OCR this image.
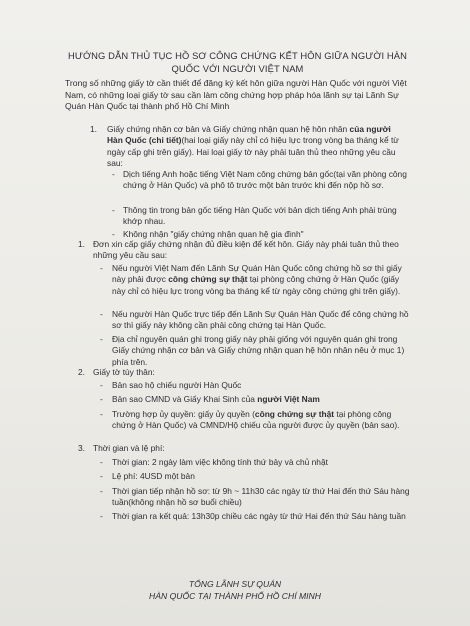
HƯỚNG DẪN THỦ TỤC HỒ SƠ CÔNG CHỨNG KẾT HÔN GIỮA NGƯỜI HÀN
QUỐC VỚI NGƯỜI VIỆT NAM
Trong số những giấy tờ cần thiết để đăng ký kết hôn giữa người Hàn Quốc với người Việt Nam, có những loại giấy tờ sau cần làm công chứng hợp pháp hóa lãnh sự tại Lãnh Sự Quán Hàn Quốc tại thành phố Hồ Chí Minh
1. Giấy chứng nhận cơ bản và Giấy chứng nhận quan hệ hôn nhân của người Hàn Quốc (chi tiết)(hai loại giấy này chỉ có hiệu lực trong vòng ba tháng kể từ ngày cấp ghi trên giấy). Hai loại giấy tờ này phải tuân thủ theo những yêu cầu sau:
- Dịch tiếng Anh hoặc tiếng Việt Nam công chứng bản gốc(tại văn phòng công chứng ở Hàn Quốc) và phô tô trước một bản trước khi đến nộp hồ sơ.
- Thông tin trong bản gốc tiếng Hàn Quốc với bản dịch tiếng Anh phải trùng khớp nhau.
- Không nhận "giấy chứng nhận quan hệ gia đình"
1. Đơn xin cấp giấy chứng nhận đủ điều kiện để kết hôn. Giấy này phải tuân thủ theo những yêu cầu sau:
- Nếu người Việt Nam đến Lãnh Sự Quán Hàn Quốc công chứng hồ sơ thì giấy này phải được công chứng sự thật tại phòng công chứng ở Hàn Quốc (giấy này chỉ có hiệu lực trong vòng ba tháng kể từ ngày công chứng ghi trên giấy).
- Nếu người Hàn Quốc trực tiếp đến Lãnh Sự Quán Hàn Quốc để công chứng hồ sơ thì giấy này không cần phải công chứng tại Hàn Quốc.
- Địa chỉ nguyên quán ghi trong giấy này phải giống với nguyên quán ghi trong Giấy chứng nhận cơ bản và Giấy chứng nhận quan hệ hôn nhân nêu ở mục 1) phía trên.
2. Giấy tờ tùy thân:
- Bản sao hộ chiếu người Hàn Quốc
- Bản sao CMND và Giấy Khai Sinh của người Việt Nam
- Trường hợp ủy quyền: giấy ủy quyền (công chứng sự thật tại phòng công chứng ở Hàn Quốc) và CMND/Hộ chiếu của người được ủy quyền (bản sao).
3. Thời gian và lệ phí:
- Thời gian: 2 ngày làm việc không tính thứ bảy và chủ nhật
- Lệ phí: 4USD một bản
- Thời gian tiếp nhận hồ sơ: từ 9h ~ 11h30 các ngày từ thứ Hai đến thứ Sáu hàng tuần(không nhận hồ sơ buổi chiều)
- Thời gian ra kết quả: 13h30p chiều các ngày từ thứ Hai đến thứ Sáu hàng tuần
TỔNG LÃNH SỰ QUÁN
HÀN QUỐC TẠI THÀNH PHỐ HỒ CHÍ MINH
